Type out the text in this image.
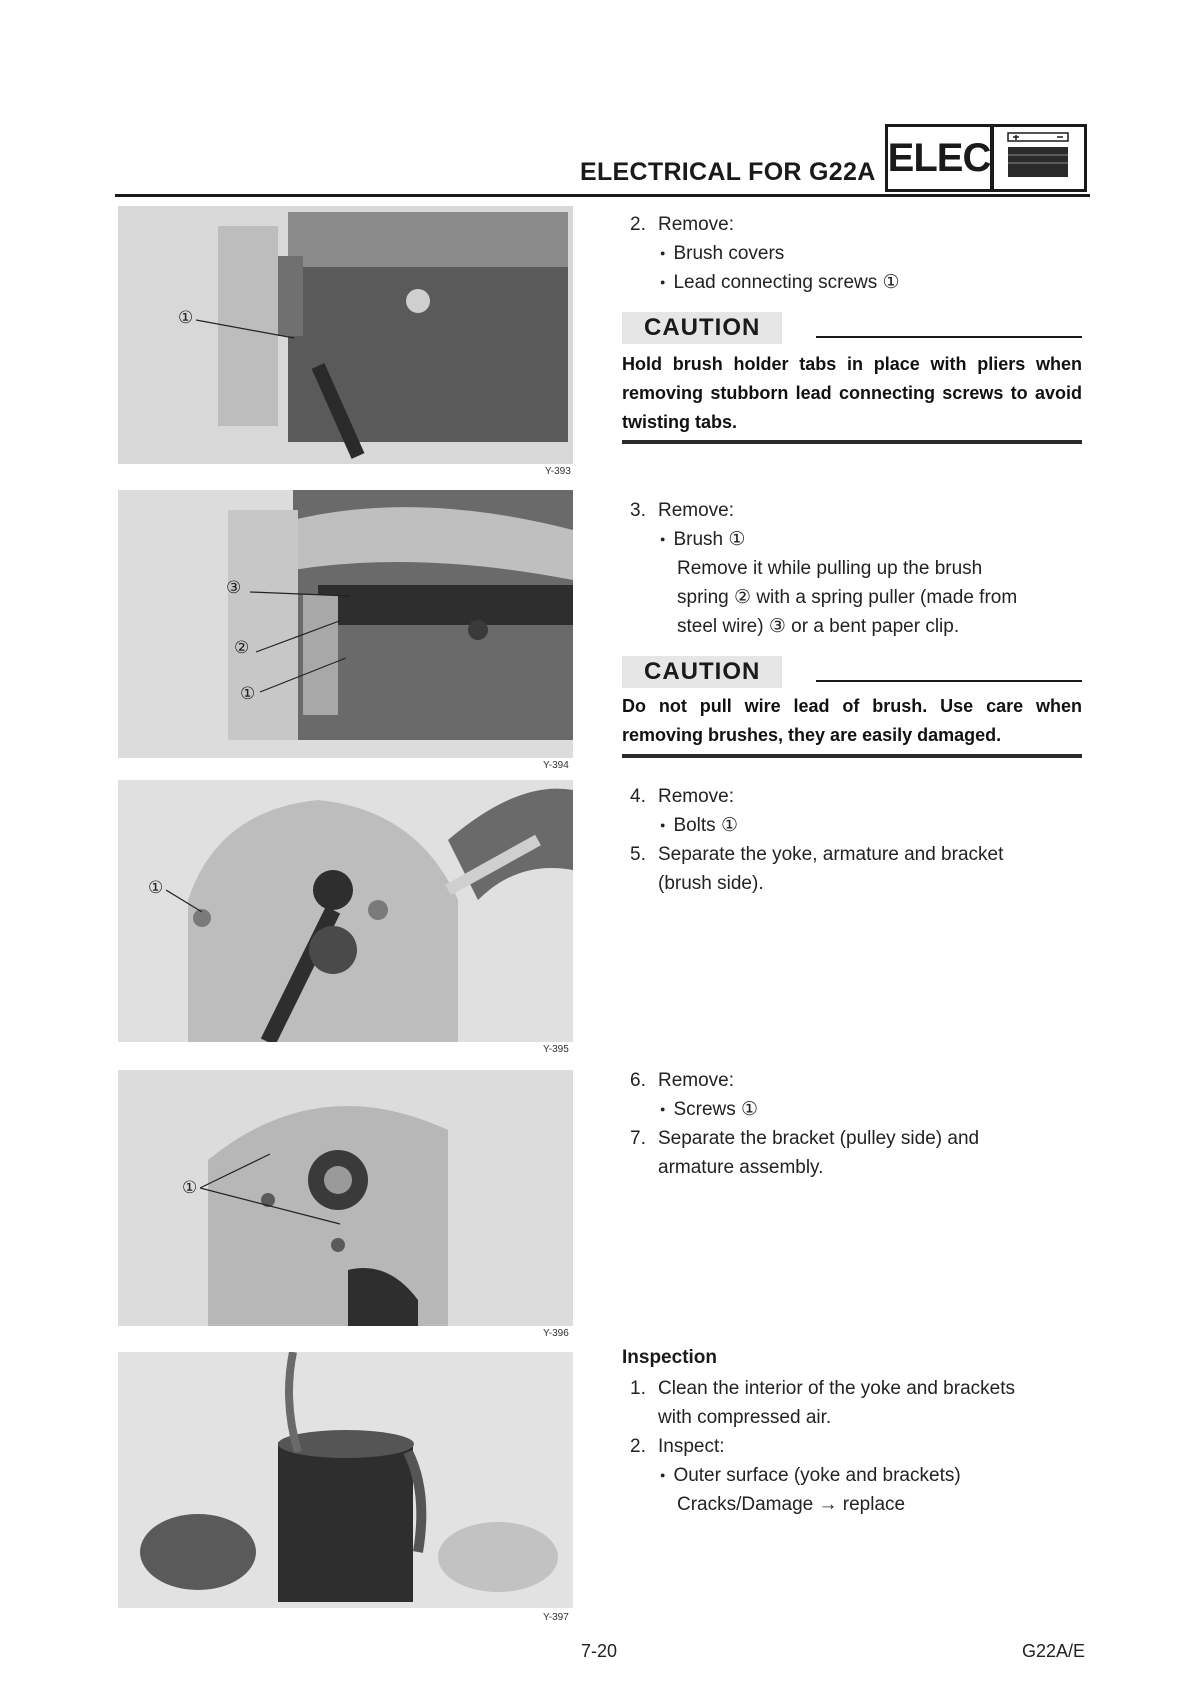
ELECTRICAL FOR G22A ELEC
①
Y-393
③
②
①
Y-394
①
Y-395
①
Y-396
Y-397
2. Remove:
● Brush covers
● Lead connecting screws ①
CAUTION
Hold brush holder tabs in place with pliers when removing stubborn lead connecting screws to avoid twisting tabs.
3. Remove:
● Brush ①
Remove it while pulling up the brush
spring ② with a spring puller (made from
steel wire) ③ or a bent paper clip.
CAUTION
Do not pull wire lead of brush. Use care when removing brushes, they are easily damaged.
4. Remove:
● Bolts ①
5. Separate the yoke, armature and bracket
(brush side).
6. Remove:
● Screws ①
7. Separate the bracket (pulley side) and
armature assembly.
Inspection
1. Clean the interior of the yoke and brackets
with compressed air.
2. Inspect:
● Outer surface (yoke and brackets)
Cracks/Damage → replace
7-20	G22A/E
